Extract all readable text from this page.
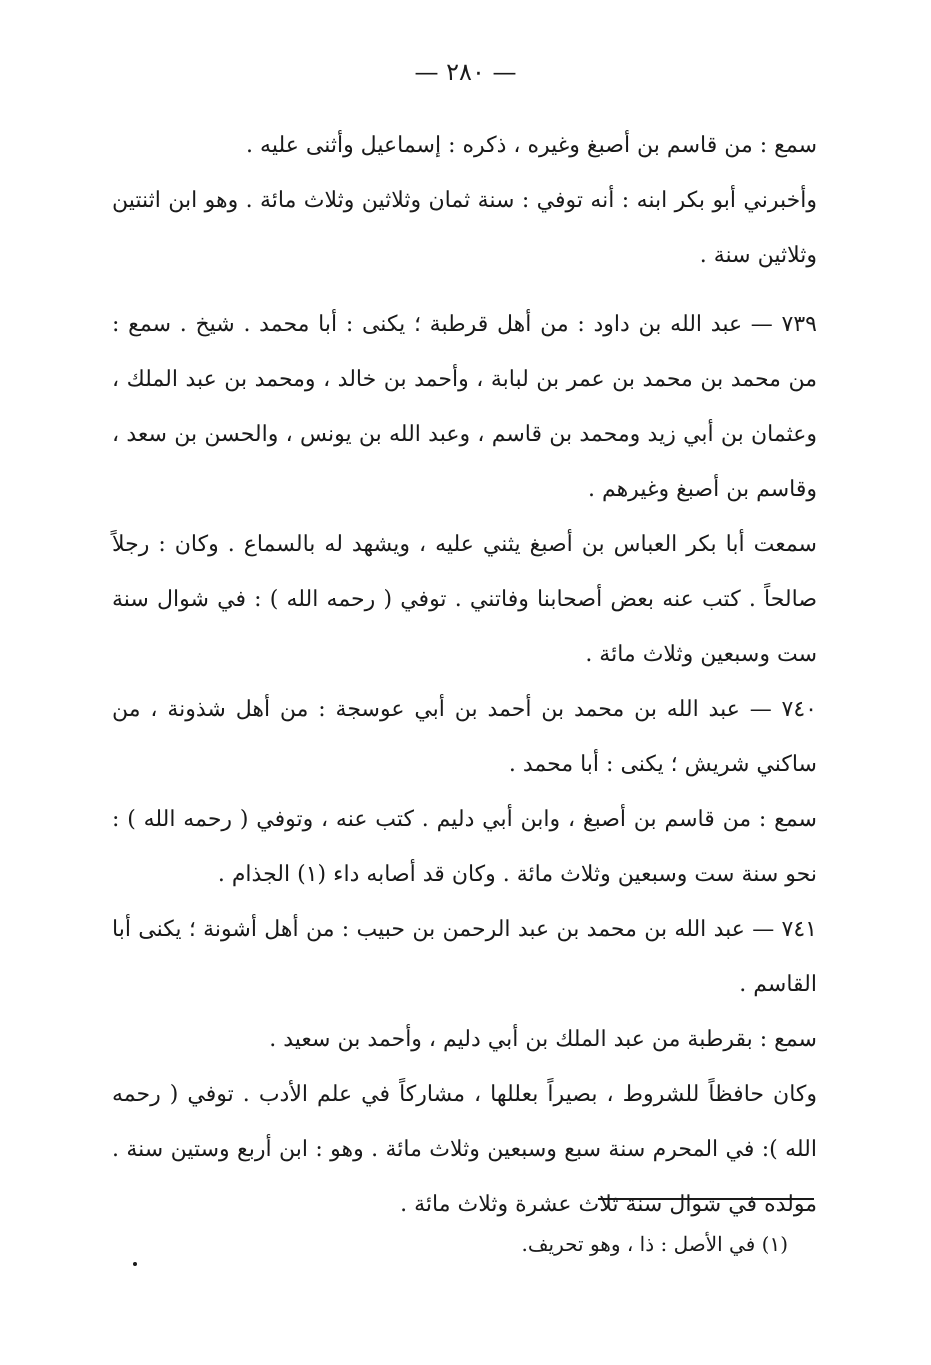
— ٢٨٠ —

سمع : من قاسم بن أصبغ وغيره ، ذكره : إسماعيل وأثنى عليه .

وأخبرني أبو بكر ابنه : أنه توفي : سنة ثمان وثلاثين وثلاث مائة . وهو ابن اثنتين وثلاثين سنة .

٧٣٩ — عبد الله بن داود : من أهل قرطبة ؛ يكنى : أبا محمد . شيخ . سمع : من محمد بن محمد بن عمر بن لبابة ، وأحمد بن خالد ، ومحمد بن عبد الملك ، وعثمان بن أبي زيد ومحمد بن قاسم ، وعبد الله بن يونس ، والحسن بن سعد ، وقاسم بن أصبغ وغيرهم .

سمعت أبا بكر العباس بن أصبغ يثني عليه ، ويشهد له بالسماع . وكان : رجلاً صالحاً . كتب عنه بعض أصحابنا وفاتني . توفي ( رحمه الله ) : في شوال سنة ست وسبعين وثلاث مائة .

٧٤٠ — عبد الله بن محمد بن أحمد بن أبي عوسجة : من أهل شذونة ، من ساكني شريش ؛ يكنى : أبا محمد .

سمع : من قاسم بن أصبغ ، وابن أبي دليم . كتب عنه ، وتوفي ( رحمه الله ) : نحو سنة ست وسبعين وثلاث مائة . وكان قد أصابه داء (١) الجذام .

٧٤١ — عبد الله بن محمد بن عبد الرحمن بن حبيب : من أهل أشونة ؛ يكنى أبا القاسم .

سمع : بقرطبة من عبد الملك بن أبي دليم ، وأحمد بن سعيد .

وكان حافظاً للشروط ، بصيراً بعللها ، مشاركاً في علم الأدب . توفي ( رحمه الله ): في المحرم سنة سبع وسبعين وثلاث مائة . وهو : ابن أربع وستين سنة . مولده في شوال سنة ثلاث عشرة وثلاث مائة .

(١) في الأصل : ذا ، وهو تحريف.
